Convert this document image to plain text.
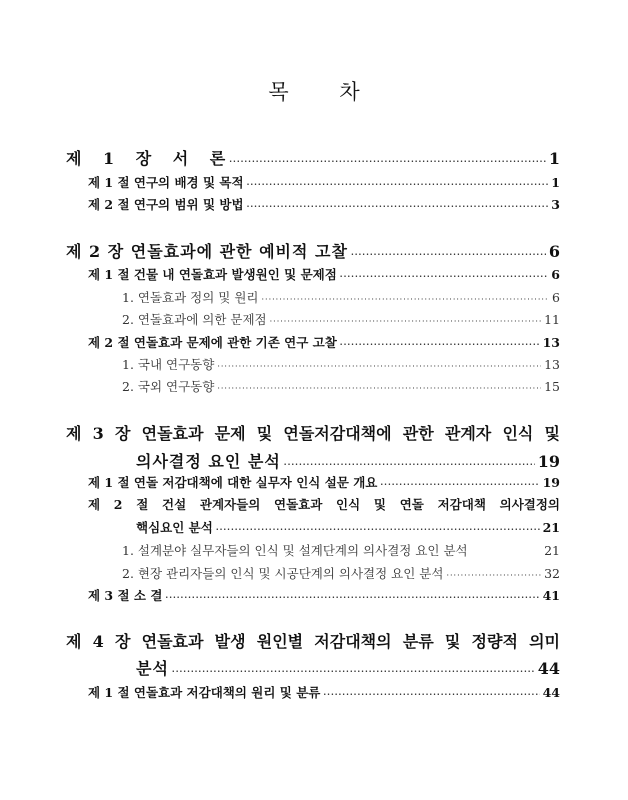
목 차
제 1 장 서 론 ·····	1
제 1 절 연구의 배경 및 목적 ·····	1
제 2 절 연구의 범위 및 방법 ·····	3
제 2 장 연돌효과에 관한 예비적 고찰 ·····	6
제 1 절 건물 내 연돌효과 발생원인 및 문제점 ·····	6
1. 연돌효과 정의 및 원리 ·····	6
2. 연돌효과에 의한 문제점 ·····	11
제 2 절 연돌효과 문제에 관한 기존 연구 고찰 ·····	13
1. 국내 연구동향 ·····	13
2. 국외 연구동향 ·····	15
제 3 장 연돌효과 문제 및 연돌저감대책에 관한 관계자 인식 및
의사결정 요인 분석 ·····	19
제 1 절 연돌 저감대책에 대한 실무자 인식 설문 개요 ·····	19
제 2 절 건설 관계자들의 연돌효과 인식 및 연돌 저감대책 의사결정의
핵심요인 분석 ·····	21
1. 설계분야 실무자들의 인식 및 설계단계의 의사결정 요인 분석	21
2. 현장 관리자들의 인식 및 시공단계의 의사결정 요인 분석 ·····	32
제 3 절 소 결 ·····	41
제 4 장 연돌효과 발생 원인별 저감대책의 분류 및 정량적 의미
분석 ·····	44
제 1 절 연돌효과 저감대책의 원리 및 분류 ·····	44
